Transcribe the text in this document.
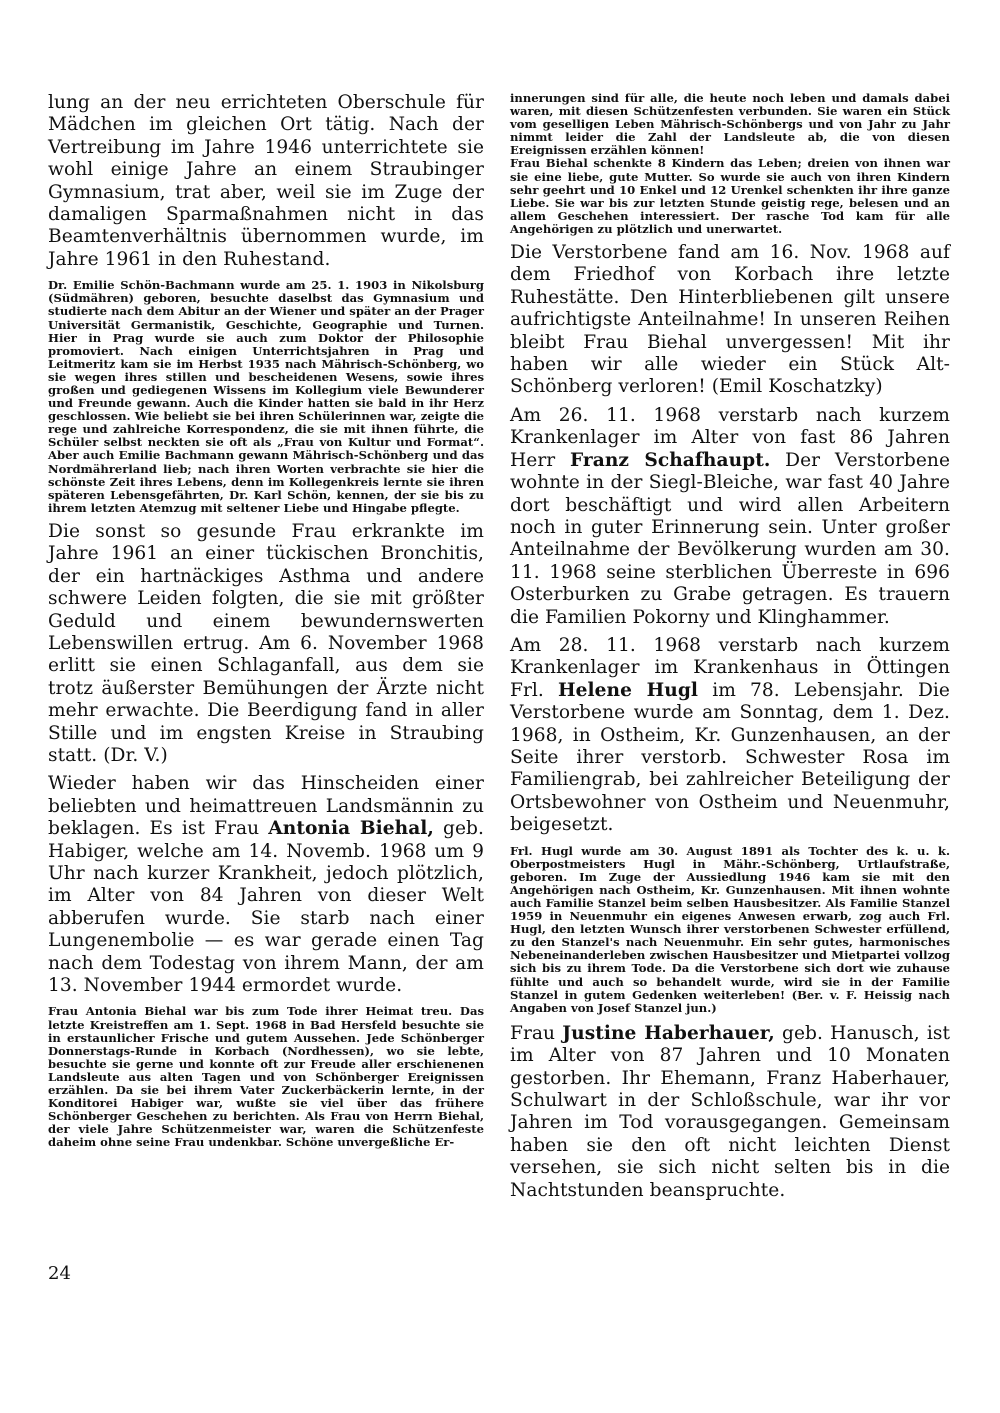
lung an der neu errichteten Oberschule für Mädchen im gleichen Ort tätig. Nach der Vertreibung im Jahre 1946 unterrichtete sie wohl einige Jahre an einem Straubinger Gymnasium, trat aber, weil sie im Zuge der damaligen Sparmaßnahmen nicht in das Beamtenverhältnis übernommen wurde, im Jahre 1961 in den Ruhestand.

Dr. Emilie Schön-Bachmann wurde am 25. 1. 1903 in Nikolsburg (Südmähren) geboren, besuchte daselbst das Gymnasium und studierte nach dem Abitur an der Wiener und später an der Prager Universität Germanistik, Geschichte, Geographie und Turnen. Hier in Prag wurde sie auch zum Doktor der Philosophie promoviert. Nach einigen Unterrichtsjahren in Prag und Leitmeritz kam sie im Herbst 1935 nach Mährisch-Schönberg, wo sie wegen ihres stillen und bescheidenen Wesens, sowie ihres großen und gediegenen Wissens im Kollegium viele Bewunderer und Freunde gewann. Auch die Kinder hatten sie bald in ihr Herz geschlossen. Wie beliebt sie bei ihren Schülerinnen war, zeigte die rege und zahlreiche Korrespondenz, die sie mit ihnen führte, die Schüler selbst neckten sie oft als „Frau von Kultur und Format“. Aber auch Emilie Bachmann gewann Mährisch-Schönberg und das Nordmährerland lieb; nach ihren Worten verbrachte sie hier die schönste Zeit ihres Lebens, denn im Kollegenkreis lernte sie ihren späteren Lebensgefährten, Dr. Karl Schön, kennen, der sie bis zu ihrem letzten Atemzug mit seltener Liebe und Hingabe pflegte.

Die sonst so gesunde Frau erkrankte im Jahre 1961 an einer tückischen Bronchitis, der ein hartnäckiges Asthma und andere schwere Leiden folgten, die sie mit größter Geduld und einem bewundernswerten Lebenswillen ertrug. Am 6. November 1968 erlitt sie einen Schlaganfall, aus dem sie trotz äußerster Bemühungen der Ärzte nicht mehr erwachte. Die Beerdigung fand in aller Stille und im engsten Kreise in Straubing statt. (Dr. V.)

Wieder haben wir das Hinscheiden einer beliebten und heimattreuen Landsmännin zu beklagen. Es ist Frau Antonia Biehal, geb. Habiger, welche am 14. Novemb. 1968 um 9 Uhr nach kurzer Krankheit, jedoch plötzlich, im Alter von 84 Jahren von dieser Welt abberufen wurde. Sie starb nach einer Lungenembolie — es war gerade einen Tag nach dem Todestag von ihrem Mann, der am 13. November 1944 ermordet wurde.

Frau Antonia Biehal war bis zum Tode ihrer Heimat treu. Das letzte Kreistreffen am 1. Sept. 1968 in Bad Hersfeld besuchte sie in erstaunlicher Frische und gutem Aussehen. Jede Schönberger Donnerstags-Runde in Korbach (Nordhessen), wo sie lebte, besuchte sie gerne und konnte oft zur Freude aller erschienenen Landsleute aus alten Tagen und von Schönberger Ereignissen erzählen. Da sie bei ihrem Vater Zuckerbäckerin lernte, in der Konditorei Habiger war, wußte sie viel über das frühere Schönberger Geschehen zu berichten. Als Frau von Herrn Biehal, der viele Jahre Schützenmeister war, waren die Schützenfeste daheim ohne seine Frau undenkbar. Schöne unvergeßliche Er-

innerungen sind für alle, die heute noch leben und damals dabei waren, mit diesen Schützenfesten verbunden. Sie waren ein Stück vom geselligen Leben Mährisch-Schönbergs und von Jahr zu Jahr nimmt leider die Zahl der Landsleute ab, die von diesen Ereignissen erzählen können!

Frau Biehal schenkte 8 Kindern das Leben; dreien von ihnen war sie eine liebe, gute Mutter. So wurde sie auch von ihren Kindern sehr geehrt und 10 Enkel und 12 Urenkel schenkten ihr ihre ganze Liebe. Sie war bis zur letzten Stunde geistig rege, belesen und an allem Geschehen interessiert. Der rasche Tod kam für alle Angehörigen zu plötzlich und unerwartet.

Die Verstorbene fand am 16. Nov. 1968 auf dem Friedhof von Korbach ihre letzte Ruhestätte. Den Hinterbliebenen gilt unsere aufrichtigste Anteilnahme! In unseren Reihen bleibt Frau Biehal unvergessen! Mit ihr haben wir alle wieder ein Stück Alt-Schönberg verloren! (Emil Koschatzky)

Am 26. 11. 1968 verstarb nach kurzem Krankenlager im Alter von fast 86 Jahren Herr Franz Schafhaupt. Der Verstorbene wohnte in der Siegl-Bleiche, war fast 40 Jahre dort beschäftigt und wird allen Arbeitern noch in guter Erinnerung sein. Unter großer Anteilnahme der Bevölkerung wurden am 30. 11. 1968 seine sterblichen Überreste in 696 Osterburken zu Grabe getragen. Es trauern die Familien Pokorny und Klinghammer.

Am 28. 11. 1968 verstarb nach kurzem Krankenlager im Krankenhaus in Öttingen Frl. Helene Hugl im 78. Lebensjahr. Die Verstorbene wurde am Sonntag, dem 1. Dez. 1968, in Ostheim, Kr. Gunzenhausen, an der Seite ihrer verstorb. Schwester Rosa im Familiengrab, bei zahlreicher Beteiligung der Ortsbewohner von Ostheim und Neuenmuhr, beigesetzt.

Frl. Hugl wurde am 30. August 1891 als Tochter des k. u. k. Oberpostmeisters Hugl in Mähr.-Schönberg, Urtlaufstraße, geboren. Im Zuge der Aussiedlung 1946 kam sie mit den Angehörigen nach Ostheim, Kr. Gunzenhausen. Mit ihnen wohnte auch Familie Stanzel beim selben Hausbesitzer. Als Familie Stanzel 1959 in Neuenmuhr ein eigenes Anwesen erwarb, zog auch Frl. Hugl, den letzten Wunsch ihrer verstorbenen Schwester erfüllend, zu den Stanzel's nach Neuenmuhr. Ein sehr gutes, harmonisches Nebeneinanderleben zwischen Hausbesitzer und Mietpartei vollzog sich bis zu ihrem Tode. Da die Verstorbene sich dort wie zuhause fühlte und auch so behandelt wurde, wird sie in der Familie Stanzel in gutem Gedenken weiterleben! (Ber. v. F. Heissig nach Angaben von Josef Stanzel jun.)

Frau Justine Haberhauer, geb. Hanusch, ist im Alter von 87 Jahren und 10 Monaten gestorben. Ihr Ehemann, Franz Haberhauer, Schulwart in der Schloßschule, war ihr vor Jahren im Tod vorausgegangen. Gemeinsam haben sie den oft nicht leichten Dienst versehen, sie sich nicht selten bis in die Nachtstunden beanspruchte.

24
